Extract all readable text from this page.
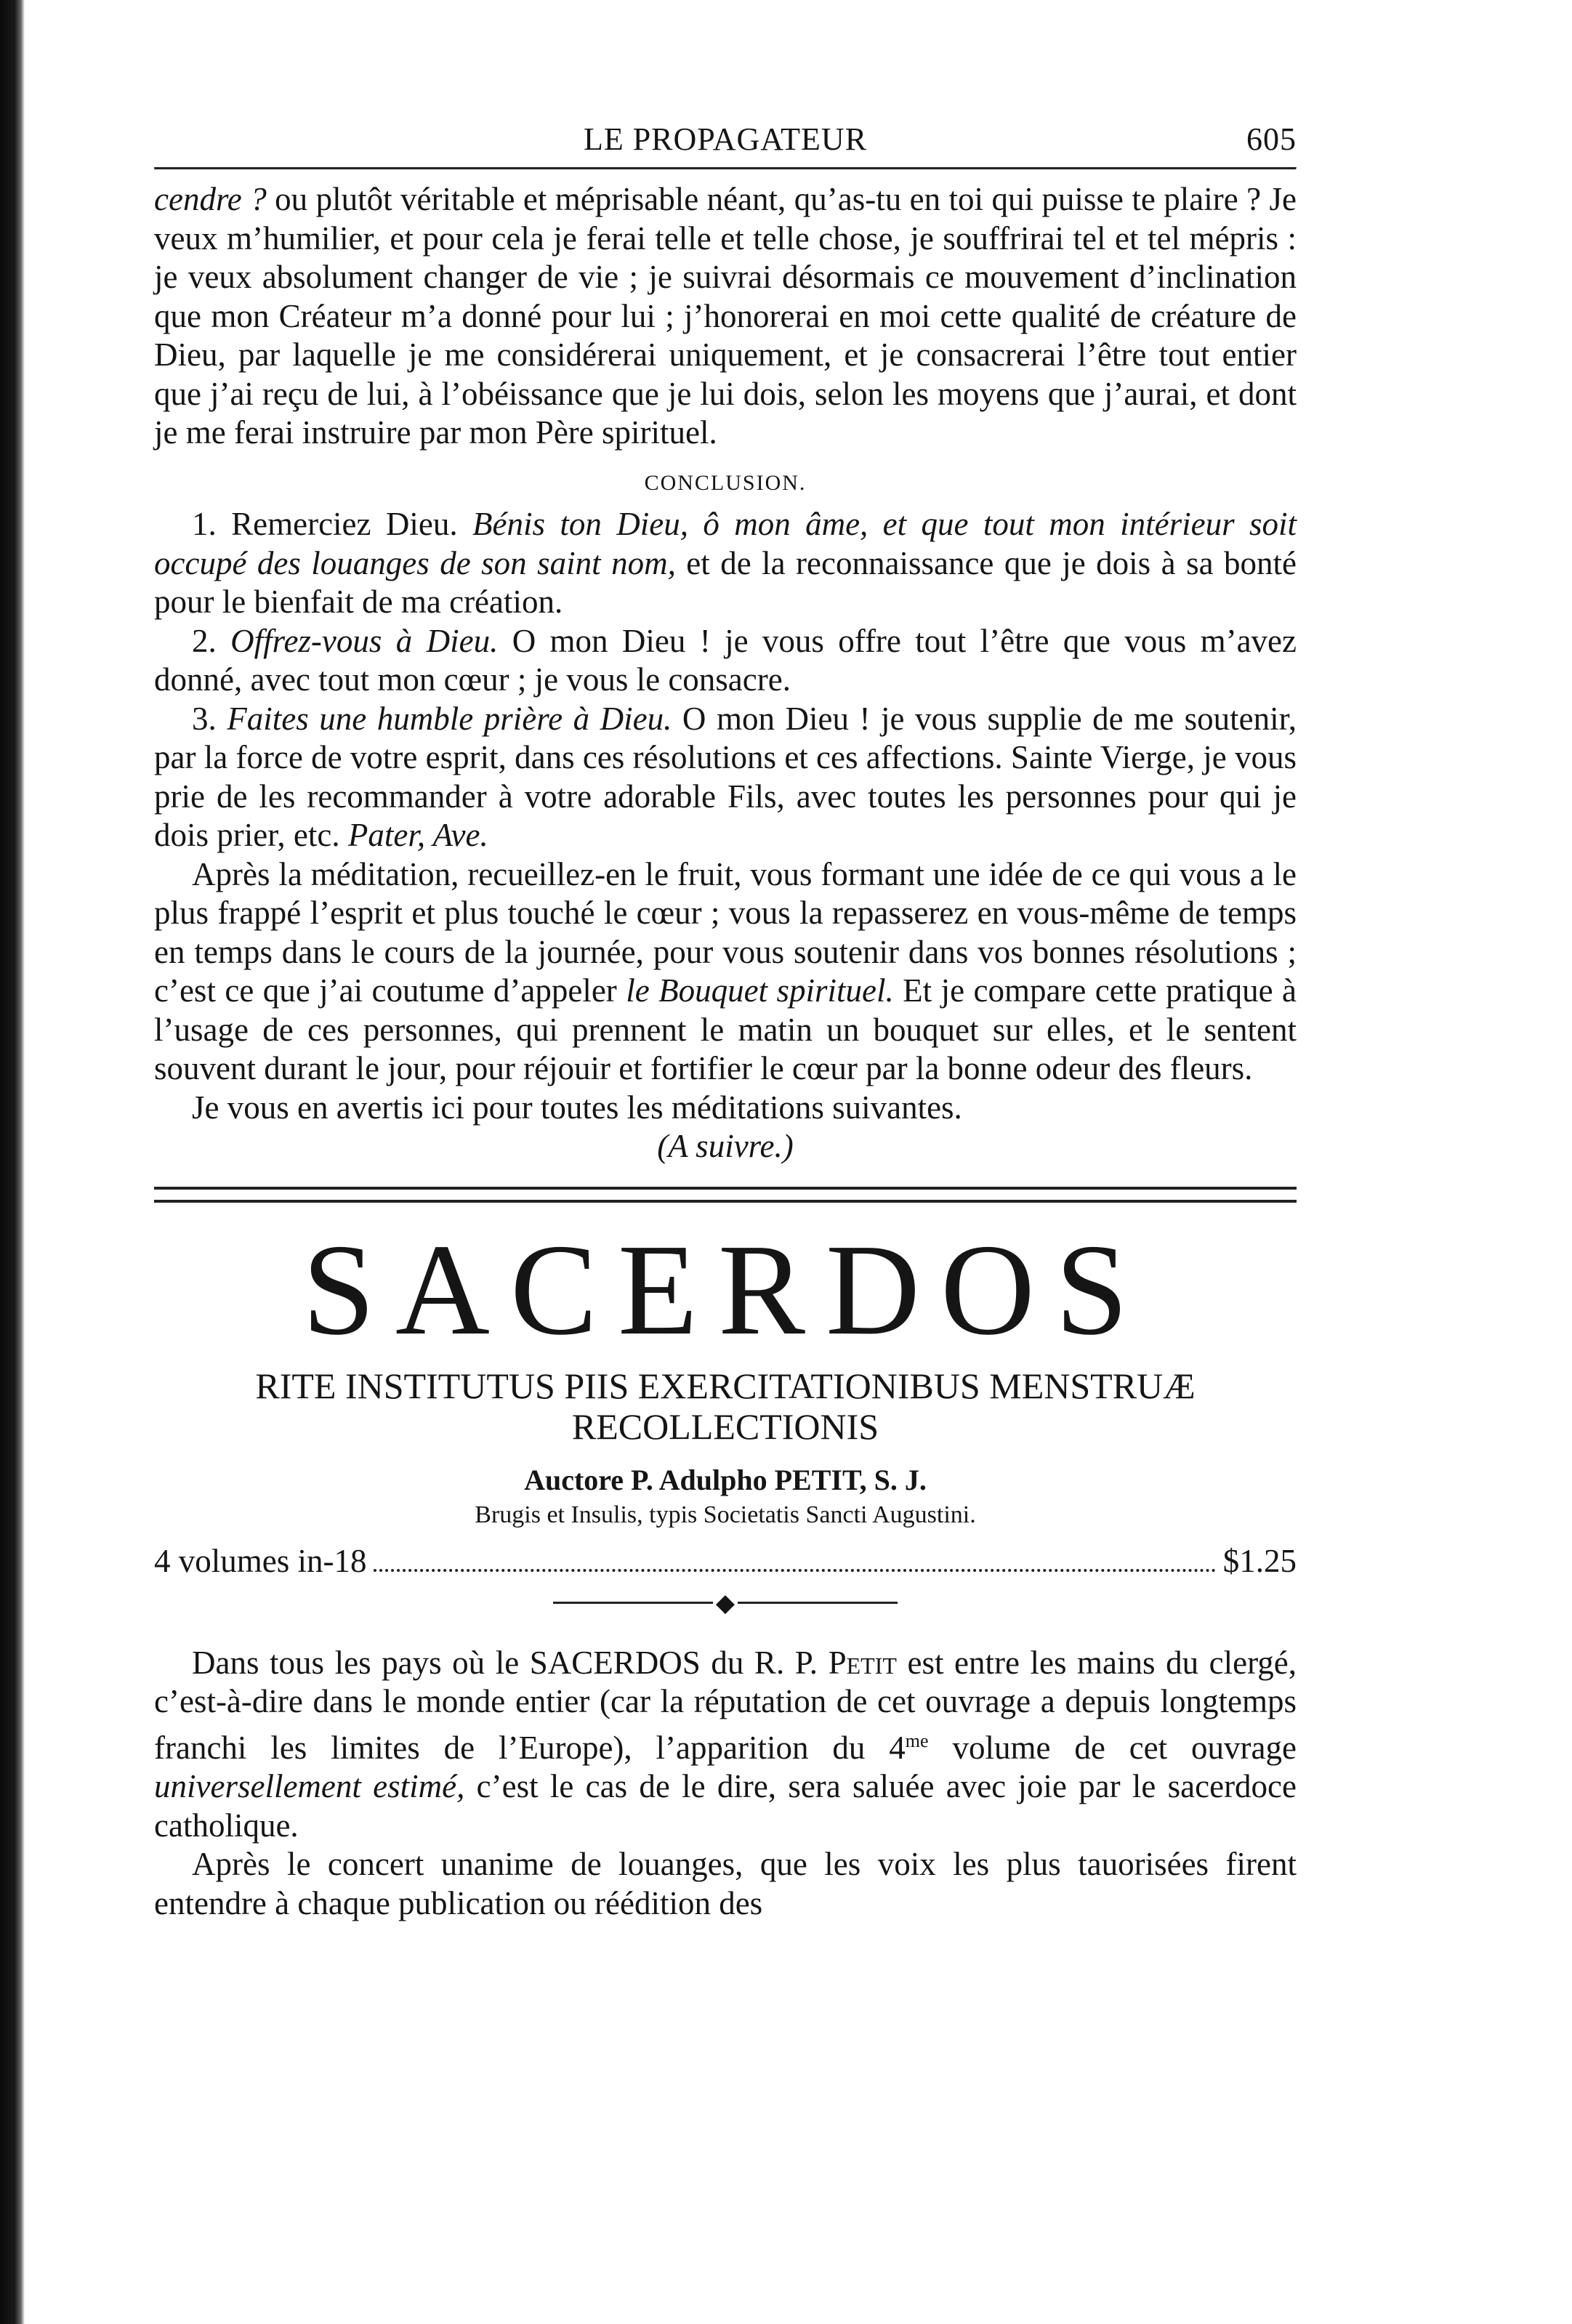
LE PROPAGATEUR	605

cendre ? ou plutôt véritable et méprisable néant, qu’as-tu en toi qui puisse te plaire ? Je veux m’humilier, et pour cela je ferai telle et telle chose, je souffrirai tel et tel mépris : je veux absolument changer de vie ; je suivrai désormais ce mouvement d’inclination que mon Créateur m’a donné pour lui ; j’honorerai en moi cette qualité de créature de Dieu, par laquelle je me considérerai uniquement, et je consacrerai l’être tout entier que j’ai reçu de lui, à l’obéissance que je lui dois, selon les moyens que j’aurai, et dont je me ferai instruire par mon Père spirituel.

CONCLUSION.

1. Remerciez Dieu. Bénis ton Dieu, ô mon âme, et que tout mon intérieur soit occupé des louanges de son saint nom, et de la reconnaissance que je dois à sa bonté pour le bienfait de ma création.

2. Offrez-vous à Dieu. O mon Dieu ! je vous offre tout l’être que vous m’avez donné, avec tout mon cœur ; je vous le consacre.

3. Faites une humble prière à Dieu. O mon Dieu ! je vous supplie de me soutenir, par la force de votre esprit, dans ces résolutions et ces affections. Sainte Vierge, je vous prie de les recommander à votre adorable Fils, avec toutes les personnes pour qui je dois prier, etc. Pater, Ave.

Après la méditation, recueillez-en le fruit, vous formant une idée de ce qui vous a le plus frappé l’esprit et plus touché le cœur ; vous la repasserez en vous-même de temps en temps dans le cours de la journée, pour vous soutenir dans vos bonnes résolutions ; c’est ce que j’ai coutume d’appeler le Bouquet spirituel. Et je compare cette pratique à l’usage de ces personnes, qui prennent le matin un bouquet sur elles, et le sentent souvent durant le jour, pour réjouir et fortifier le cœur par la bonne odeur des fleurs.

Je vous en avertis ici pour toutes les méditations suivantes.

(A suivre.)

SACERDOS

RITE INSTITUTUS PIIS EXERCITATIONIBUS MENSTRUÆ RECOLLECTIONIS

Auctore P. Adulpho PETIT, S. J.

Brugis et Insulis, typis Societatis Sancti Augustini.

4 volumes in-18	$1.25
◆

Dans tous les pays où le SACERDOS du R. P. Petit est entre les mains du clergé, c’est-à-dire dans le monde entier (car la réputation de cet ouvrage a depuis longtemps franchi les limites de l’Europe), l’apparition du $4^{me}$ volume de cet ouvrage universellement estimé, c’est le cas de le dire, sera saluée avec joie par le sacerdoce catholique.

Après le concert unanime de louanges, que les voix les plus tauorisées firent entendre à chaque publication ou réédition des
